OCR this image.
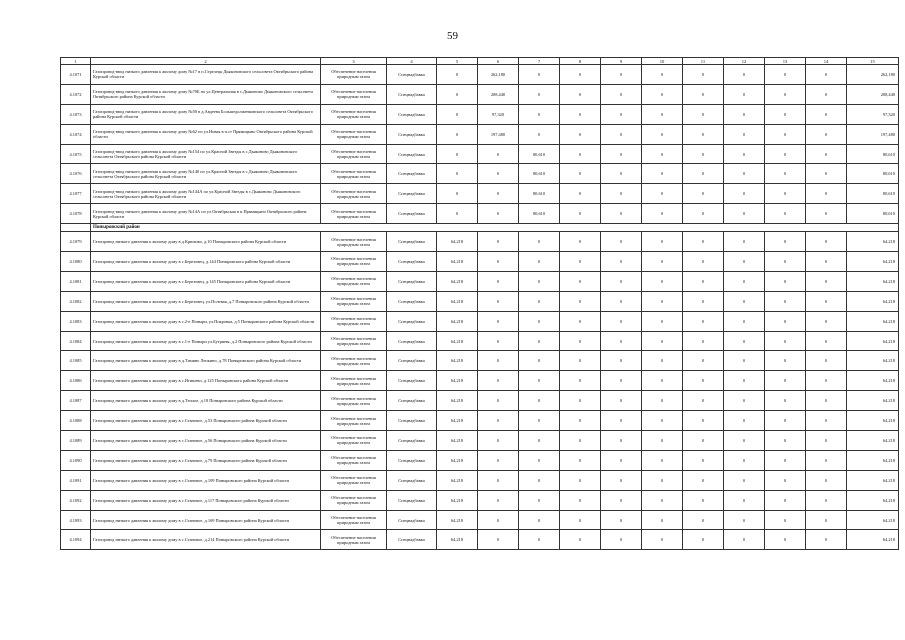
59
1	2	3	4	5	6	7	8	9	10	11	12	13	14	15
4.1071	Газопровод-ввод низкого давления к жилому дому №17 в п.Стрелецк Дьяконовского сельсовета Октябрьского района Курской области	Обеспечение населения природным газом	Спецнадбавка	0	262,180	0	0	0	0	0	0	0	0	262,180
4.1072	Газопровод-ввод низкого давления к жилому дому №70Б по ул.Центральная в с.Дьяконово Дьяконовского сельсовета Октябрьского района Курской области	Обеспечение населения природным газом	Спецнадбавка	0	208,440	0	0	0	0	0	0	0	0	208,440
4.1073	Газопровод-ввод низкого давления к жилому дому №50 в д.Авдеева Большедолженковского сельсовета Октябрьского района Курской области	Обеспечение населения природным газом	Спецнадбавка	0	97,320	0	0	0	0	0	0	0	0	97,320
4.1074	Газопровод-ввод низкого давления к жилому дому №62 по ул.Новая в п.ст Прямицыно Октябрьского района Курской области	Обеспечение населения природным газом	Спецнадбавка	0	197,480	0	0	0	0	0	0	0	0	197,480
4.1075	Газопровод-ввод низкого давления к жилому дому №154 по ул.Красной Звезды в с.Дьяконово Дьяконовского сельсовета Октябрьского района Курской области	Обеспечение населения природным газом	Спецнадбавка	0	0	80,610	0	0	0	0	0	0	0	80,610
4.1076	Газопровод-ввод низкого давления к жилому дому №140 по ул.Красной Звезды в с.Дьяконово Дьяконовского сельсовета Октябрьского района Курской области	Обеспечение населения природным газом	Спецнадбавка	0	0	80,610	0	0	0	0	0	0	0	80,610
4.1077	Газопровод-ввод низкого давления к жилому дому №144А по ул.Красной Звезды в с.Дьяконово Дьяконовского сельсовета Октябрьского района Курской области	Обеспечение населения природным газом	Спецнадбавка	0	0	80,610	0	0	0	0	0	0	0	80,610
4.1078	Газопровод-ввод низкого давления к жилому дому №14А по ул.Октябрьская в п.Прямицыно Октябрьского района Курской области	Обеспечение населения природным газом	Спецнадбавка	0	0	80,610	0	0	0	0	0	0	0	80,610
	Поныровский район													
4.1079	Газопровод низкого давления к жилому дому в д.Крюково, д.10 Поныровского района Курской области	Обеспечение населения природным газом	Спецнадбавка	64,218	0	0	0	0	0	0	0	0	0	64,218
4.1080	Газопровод низкого давления к жилому дому в с.Березовец, д.144 Поныровского района Курской области	Обеспечение населения природным газом	Спецнадбавка	64,218	0	0	0	0	0	0	0	0	0	64,218
4.1081	Газопровод низкого давления к жилому дому в с.Березовец, д.145 Поныровского района Курской области	Обеспечение населения природным газом	Спецнадбавка	64,218	0	0	0	0	0	0	0	0	0	64,218
4.1082	Газопровод низкого давления к жилому дому в с.Березовец, ул.Полевая, д.7 Поныровского района Курской области	Обеспечение населения природным газом	Спецнадбавка	64,218	0	0	0	0	0	0	0	0	0	64,218
4.1083	Газопровод низкого давления к жилому дому в с.2-е Поныри, ул.Покровка, д.5 Поныровского района Курской области	Обеспечение населения природным газом	Спецнадбавка	64,218	0	0	0	0	0	0	0	0	0	64,218
4.1084	Газопровод низкого давления к жилому дому в с.1-е Поныри ул.Бутрины, д.2 Поныровского района Курской области	Обеспечение населения природным газом	Спецнадбавка	64,218	0	0	0	0	0	0	0	0	0	64,218
4.1085	Газопровод низкого давления к жилому дому в д.Тимяно Лепкино, д.78 Поныровского района Курской области	Обеспечение населения природным газом	Спецнадбавка	64,218	0	0	0	0	0	0	0	0	0	64,218
4.1086	Газопровод низкого давления к жилому дому в с.Игишево, д.125 Поныровского района Курской области	Обеспечение населения природным газом	Спецнадбавка	64,218	0	0	0	0	0	0	0	0	0	64,218
4.1087	Газопровод низкого давления к жилому дому в д.Теплое, д.18 Поныровского района Курской области	Обеспечение населения природным газом	Спецнадбавка	64,218	0	0	0	0	0	0	0	0	0	64,218
4.1088	Газопровод низкого давления к жилому дому в с.Становое, д.53 Поныровского района Курской области	Обеспечение населения природным газом	Спецнадбавка	64,218	0	0	0	0	0	0	0	0	0	64,218
4.1089	Газопровод низкого давления к жилому дому в с.Становое, д.56 Поныровского района Курской области	Обеспечение населения природным газом	Спецнадбавка	64,218	0	0	0	0	0	0	0	0	0	64,218
4.1090	Газопровод низкого давления к жилому дому в с.Становое, д.79 Поныровского района Курской области	Обеспечение населения природным газом	Спецнадбавка	64,218	0	0	0	0	0	0	0	0	0	64,218
4.1091	Газопровод низкого давления к жилому дому в с.Становое, д.109 Поныровского района Курской области	Обеспечение населения природным газом	Спецнадбавка	64,218	0	0	0	0	0	0	0	0	0	64,218
4.1092	Газопровод низкого давления к жилому дому в с.Становое, д.117 Поныровского района Курской области	Обеспечение населения природным газом	Спецнадбавка	64,218	0	0	0	0	0	0	0	0	0	64,218
4.1093	Газопровод низкого давления к жилому дому в с.Становое, д.169 Поныровского района Курской области	Обеспечение населения природным газом	Спецнадбавка	64,218	0	0	0	0	0	0	0	0	0	64,218
4.1094	Газопровод низкого давления к жилому дому в с.Становое, д.214 Поныровского района Курской области	Обеспечение населения природным газом	Спецнадбавка	64,218	0	0	0	0	0	0	0	0	0	64,218
